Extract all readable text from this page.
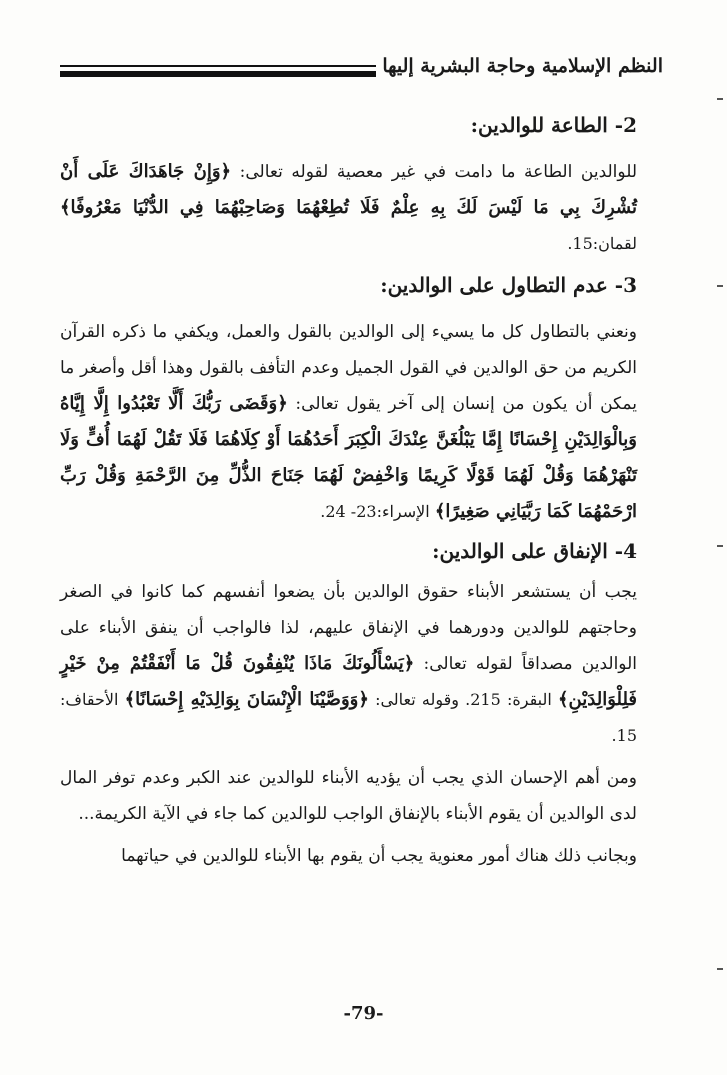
النظم الإسلامية وحاجة البشرية إليها
2- الطاعة للوالدين:

للوالدين الطاعة ما دامت في غير معصية لقوله تعالى: ﴿وَإِنْ جَاهَدَاكَ عَلَى أَنْ تُشْرِكَ بِي مَا لَيْسَ لَكَ بِهِ عِلْمٌ فَلَا تُطِعْهُمَا وَصَاحِبْهُمَا فِي الدُّنْيَا مَعْرُوفًا﴾ لقمان:15.

3- عدم التطاول على الوالدين:

ونعني بالتطاول كل ما يسيء إلى الوالدين بالقول والعمل، ويكفي ما ذكره القرآن الكريم من حق الوالدين في القول الجميل وعدم التأفف بالقول وهذا أقل وأصغر ما يمكن أن يكون من إنسان إلى آخر يقول تعالى: ﴿وَقَضَى رَبُّكَ أَلَّا تَعْبُدُوا إِلَّا إِيَّاهُ وَبِالْوَالِدَيْنِ إِحْسَانًا إِمَّا يَبْلُغَنَّ عِنْدَكَ الْكِبَرَ أَحَدُهُمَا أَوْ كِلَاهُمَا فَلَا تَقُلْ لَهُمَا أُفٍّ وَلَا تَنْهَرْهُمَا وَقُلْ لَهُمَا قَوْلًا كَرِيمًا وَاخْفِضْ لَهُمَا جَنَاحَ الذُّلِّ مِنَ الرَّحْمَةِ وَقُلْ رَبِّ ارْحَمْهُمَا كَمَا رَبَّيَانِي صَغِيرًا﴾ الإسراء:23- 24.

4- الإنفاق على الوالدين:

يجب أن يستشعر الأبناء حقوق الوالدين بأن يضعوا أنفسهم كما كانوا في الصغر وحاجتهم للوالدين ودورهما في الإنفاق عليهم، لذا فالواجب أن ينفق الأبناء على الوالدين مصداقاً لقوله تعالى: ﴿يَسْأَلُونَكَ مَاذَا يُنْفِقُونَ قُلْ مَا أَنْفَقْتُمْ مِنْ خَيْرٍ فَلِلْوَالِدَيْنِ﴾ البقرة: 215. وقوله تعالى: ﴿وَوَصَّيْنَا الْإِنْسَانَ بِوَالِدَيْهِ إِحْسَانًا﴾ الأحقاف: 15.

ومن أهم الإحسان الذي يجب أن يؤديه الأبناء للوالدين عند الكبر وعدم توفر المال لدى الوالدين أن يقوم الأبناء بالإنفاق الواجب للوالدين كما جاء في الآية الكريمة...

وبجانب ذلك هناك أمور معنوية يجب أن يقوم بها الأبناء للوالدين في حياتهما

-79-
